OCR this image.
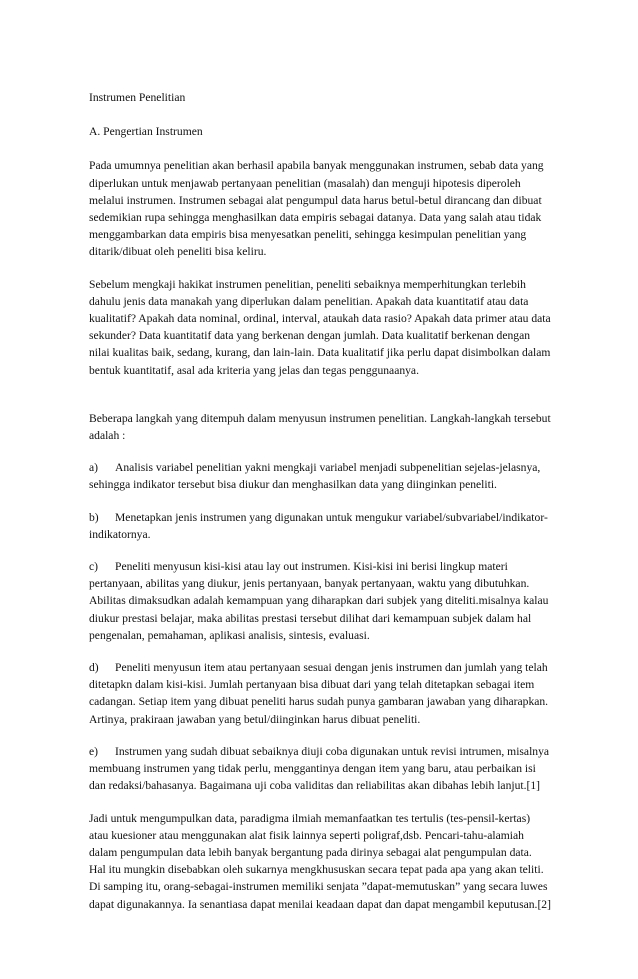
Instrumen Penelitian

A. Pengertian Instrumen

Pada umumnya penelitian akan berhasil apabila banyak menggunakan instrumen, sebab data yang diperlukan untuk menjawab pertanyaan penelitian (masalah) dan menguji hipotesis diperoleh melalui instrumen. Instrumen sebagai alat pengumpul data harus betul-betul dirancang dan dibuat sedemikian rupa sehingga menghasilkan data empiris sebagai datanya. Data yang salah atau tidak menggambarkan data empiris bisa menyesatkan peneliti, sehingga kesimpulan penelitian yang ditarik/dibuat oleh peneliti bisa keliru.

Sebelum mengkaji hakikat instrumen penelitian, peneliti sebaiknya memperhitungkan terlebih dahulu jenis data manakah yang diperlukan dalam penelitian. Apakah data kuantitatif atau data kualitatif? Apakah data nominal, ordinal, interval, ataukah data rasio? Apakah data primer atau data sekunder? Data kuantitatif data yang berkenan dengan jumlah. Data kualitatif berkenan dengan nilai kualitas baik, sedang, kurang, dan lain-lain. Data kualitatif jika perlu dapat disimbolkan dalam bentuk kuantitatif, asal ada kriteria yang jelas dan tegas penggunaanya.

Beberapa langkah yang ditempuh dalam menyusun instrumen penelitian. Langkah-langkah tersebut adalah :

a) Analisis variabel penelitian yakni mengkaji variabel menjadi subpenelitian sejelas-jelasnya, sehingga indikator tersebut bisa diukur dan menghasilkan data yang diinginkan peneliti.

b) Menetapkan jenis instrumen yang digunakan untuk mengukur variabel/subvariabel/indikator-indikatornya.

c) Peneliti menyusun kisi-kisi atau lay out instrumen. Kisi-kisi ini berisi lingkup materi pertanyaan, abilitas yang diukur, jenis pertanyaan, banyak pertanyaan, waktu yang dibutuhkan. Abilitas dimaksudkan adalah kemampuan yang diharapkan dari subjek yang diteliti.misalnya kalau diukur prestasi belajar, maka abilitas prestasi tersebut dilihat dari kemampuan subjek dalam hal pengenalan, pemahaman, aplikasi analisis, sintesis, evaluasi.

d) Peneliti menyusun item atau pertanyaan sesuai dengan jenis instrumen dan jumlah yang telah ditetapkn dalam kisi-kisi. Jumlah pertanyaan bisa dibuat dari yang telah ditetapkan sebagai item cadangan. Setiap item yang dibuat peneliti harus sudah punya gambaran jawaban yang diharapkan. Artinya, prakiraan jawaban yang betul/diinginkan harus dibuat peneliti.

e) Instrumen yang sudah dibuat sebaiknya diuji coba digunakan untuk revisi intrumen, misalnya membuang instrumen yang tidak perlu, menggantinya dengan item yang baru, atau perbaikan isi dan redaksi/bahasanya. Bagaimana uji coba validitas dan reliabilitas akan dibahas lebih lanjut.[1]

Jadi untuk mengumpulkan data, paradigma ilmiah memanfaatkan tes tertulis (tes-pensil-kertas) atau kuesioner atau menggunakan alat fisik lainnya seperti poligraf,dsb. Pencari-tahu-alamiah dalam pengumpulan data lebih banyak bergantung pada dirinya sebagai alat pengumpulan data. Hal itu mungkin disebabkan oleh sukarnya mengkhususkan secara tepat pada apa yang akan teliti. Di samping itu, orang-sebagai-instrumen memiliki senjata ”dapat-memutuskan” yang secara luwes dapat digunakannya. Ia senantiasa dapat menilai keadaan dapat dan dapat mengambil keputusan.[2]
